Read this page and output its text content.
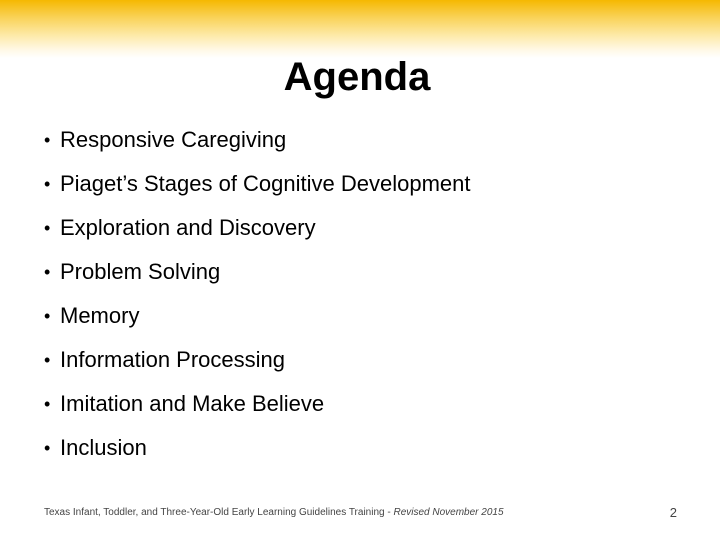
Agenda
• Responsive Caregiving
• Piaget’s Stages of Cognitive Development
• Exploration and Discovery
• Problem Solving
• Memory
• Information Processing
• Imitation and Make Believe
• Inclusion
Texas Infant, Toddler, and Three-Year-Old Early Learning Guidelines Training - Revised November 2015	2
